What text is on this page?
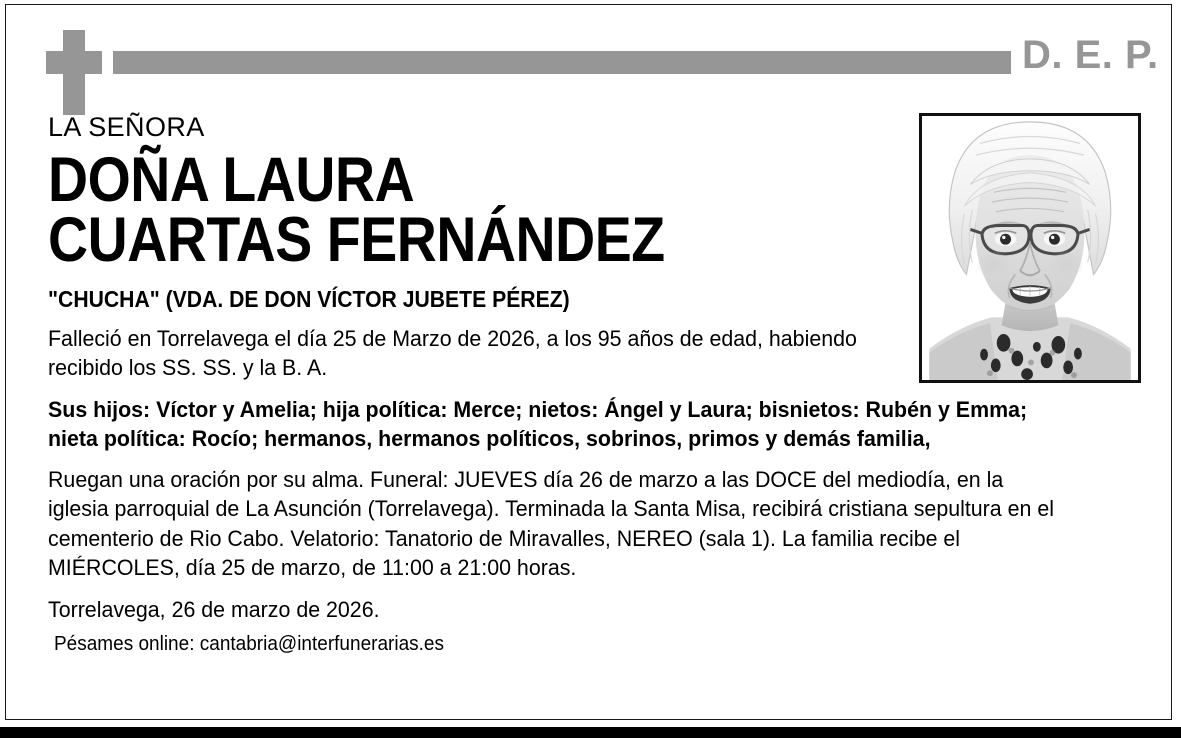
D. E. P.

LA SEÑORA

DOÑA LAURA
CUARTAS FERNÁNDEZ

"CHUCHA" (VDA. DE DON VÍCTOR JUBETE PÉREZ)

Falleció en Torrelavega el día 25 de Marzo de 2026, a los 95 años de edad, habiendo recibido los SS. SS. y la B. A.

Sus hijos: Víctor y Amelia; hija política: Merce; nietos: Ángel y Laura; bisnietos: Rubén y Emma; nieta política: Rocío; hermanos, hermanos políticos, sobrinos, primos y demás familia,

Ruegan una oración por su alma. Funeral: JUEVES día 26 de marzo a las DOCE del mediodía, en la iglesia parroquial de La Asunción (Torrelavega). Terminada la Santa Misa, recibirá cristiana sepultura en el cementerio de Rio Cabo. Velatorio: Tanatorio de Miravalles, NEREO (sala 1). La familia recibe el MIÉRCOLES, día 25 de marzo, de 11:00 a 21:00 horas.

Torrelavega, 26 de marzo de 2026.

Pésames online: cantabria@interfunerarias.es
